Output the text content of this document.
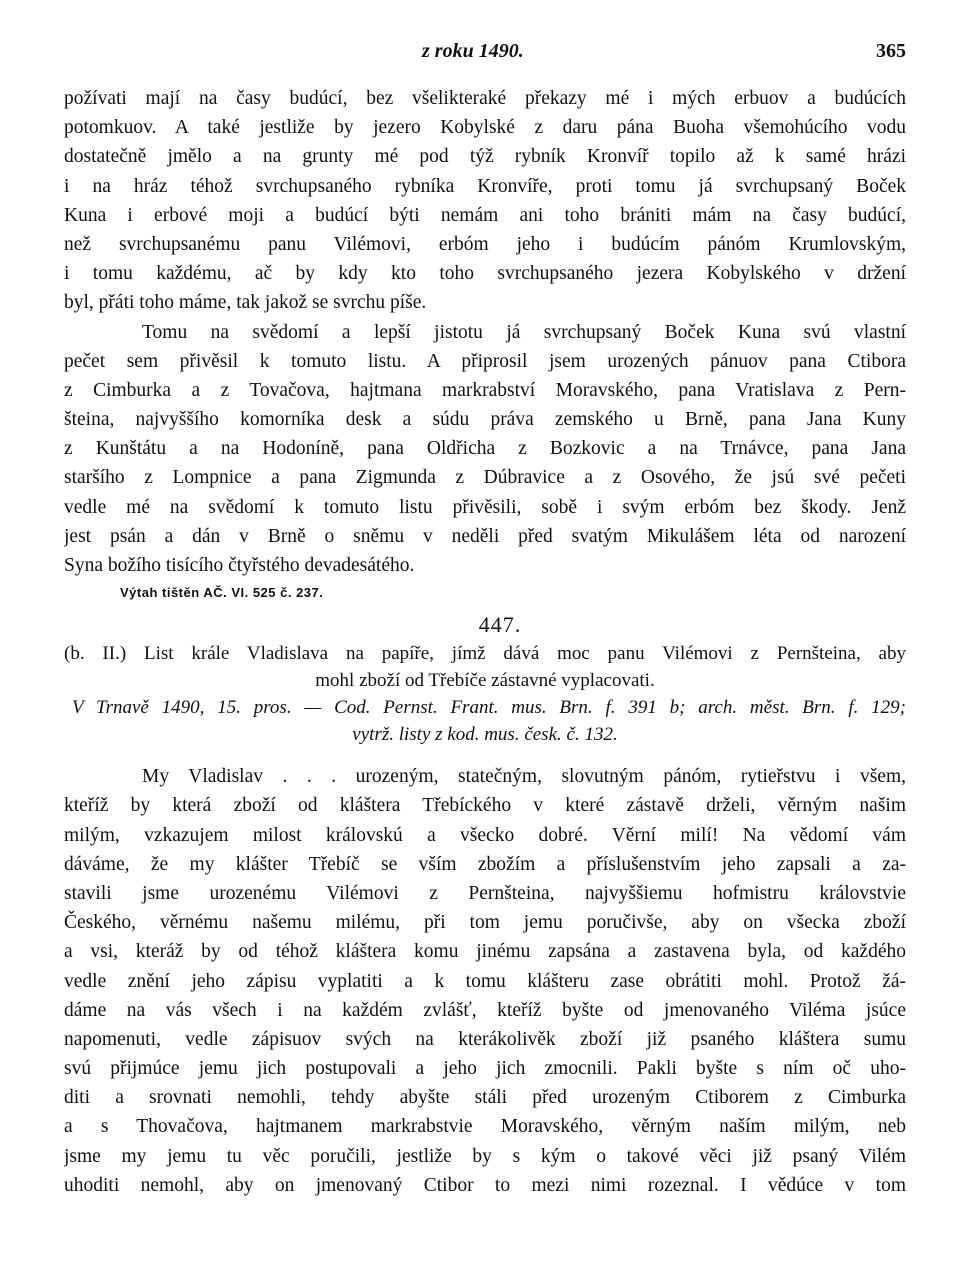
z roku 1490.	365
požívati mají na časy budúcí, bez všelikteraké překazy mé i mých erbuov a budúcích
potomkuov. A také jestliže by jezero Kobylské z daru pána Buoha všemohúcího vodu
dostatečně jmělo a na grunty mé pod týž rybník Kronvíř topilo až k samé hrázi
i na hráz téhož svrchupsaného rybníka Kronvíře, proti tomu já svrchupsaný Boček
Kuna i erbové moji a budúcí býti nemám ani toho brániti mám na časy budúcí,
než svrchupsanému panu Vilémovi, erbóm jeho i budúcím pánóm Krumlovským,
i tomu každému, ač by kdy kto toho svrchupsaného jezera Kobylského v držení
byl, přáti toho máme, tak jakož se svrchu píše.
Tomu na svědomí a lepší jistotu já svrchupsaný Boček Kuna svú vlastní
pečet sem přivěsil k tomuto listu. A připrosil jsem urozených pánuov pana Ctibora
z Cimburka a z Tovačova, hajtmana markrabství Moravského, pana Vratislava z Pern-
šteina, najvyššího komorníka desk a súdu práva zemského u Brně, pana Jana Kuny
z Kunštátu a na Hodoníně, pana Oldřicha z Bozkovic a na Trnávce, pana Jana
staršího z Lompnice a pana Zigmunda z Dúbravice a z Osového, že jsú své pečeti
vedle mé na svědomí k tomuto listu přivěsili, sobě i svým erbóm bez škody. Jenž
jest psán a dán v Brně o sněmu v neděli před svatým Mikulášem léta od narození
Syna božího tisícího čtyřstého devadesátého.
Výtah tištěn AČ. VI. 525 č. 237.
447.
(b. II.) List krále Vladislava na papíře, jímž dává moc panu Vilémovi z Pernšteina, aby
mohl zboží od Třebíče zástavné vyplacovati.
V Trnavě 1490, 15. pros. — Cod. Pernst. Frant. mus. Brn. f. 391 b; arch. měst. Brn. f. 129;
vytrž. listy z kod. mus. česk. č. 132.
My Vladislav . . . urozeným, statečným, slovutným pánóm, rytieřstvu i všem,
kteříž by která zboží od kláštera Třebíckého v které zástavě drželi, věrným našim
milým, vzkazujem milost královskú a všecko dobré. Věrní milí! Na vědomí vám
dáváme, že my klášter Třebíč se vším zbožím a příslušenstvím jeho zapsali a za-
stavili jsme urozenému Vilémovi z Pernšteina, najvyššiemu hofmistru královstvie
Českého, věrnému našemu milému, při tom jemu poručivše, aby on všecka zboží
a vsi, kteráž by od téhož kláštera komu jinému zapsána a zastavena byla, od každého
vedle znění jeho zápisu vyplatiti a k tomu klášteru zase obrátiti mohl. Protož žá-
dáme na vás všech i na každém zvlášť, kteříž byšte od jmenovaného Viléma jsúce
napomenuti, vedle zápisuov svých na kterákolivěk zboží již psaného kláštera sumu
svú přijmúce jemu jich postupovali a jeho jich zmocnili. Pakli byšte s ním oč uho-
diti a srovnati nemohli, tehdy abyšte stáli před urozeným Ctiborem z Cimburka
a s Thovačova, hajtmanem markrabstvie Moravského, věrným naším milým, neb
jsme my jemu tu věc poručili, jestliže by s kým o takové věci již psaný Vilém
uhoditi nemohl, aby on jmenovaný Ctibor to mezi nimi rozeznal. I vědúce v tom
